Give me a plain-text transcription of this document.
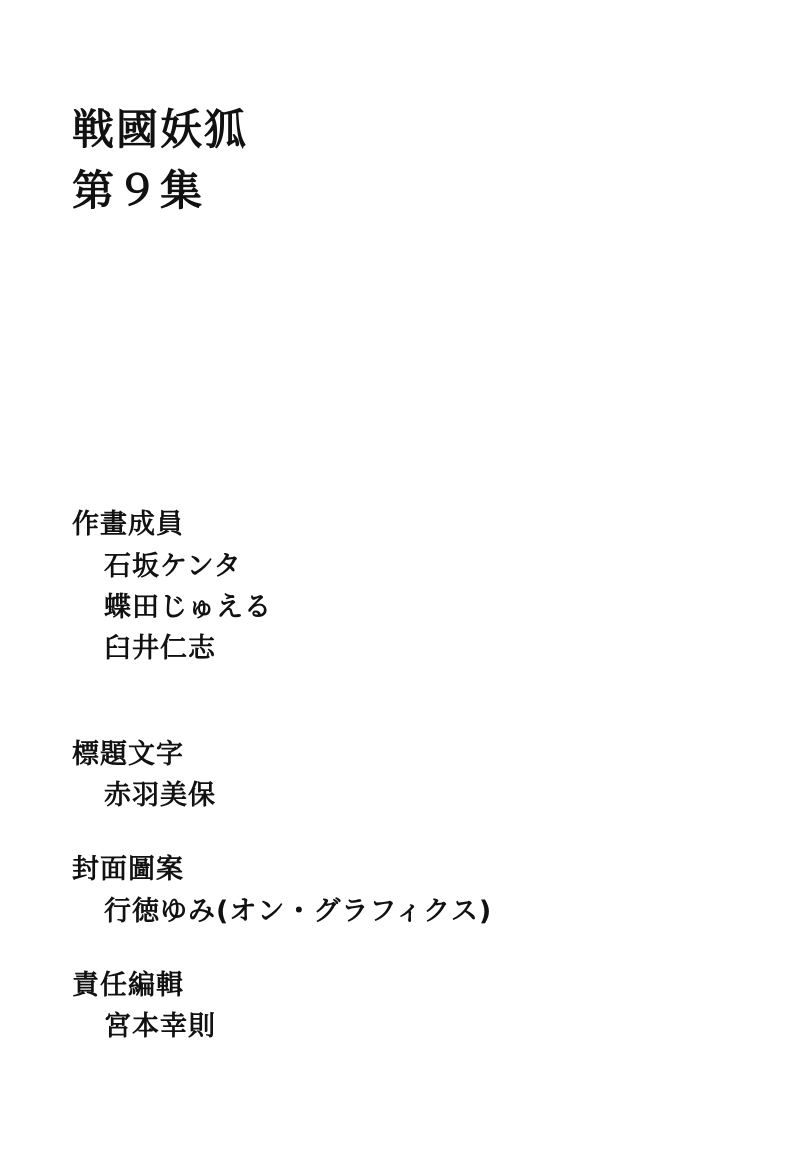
戦國妖狐
第９集
作畫成員
石坂ケンタ
蝶田じゅえる
臼井仁志
標題文字
赤羽美保
封面圖案
行徳ゆみ(オン・グラフィクス)
責任編輯
宮本幸則
